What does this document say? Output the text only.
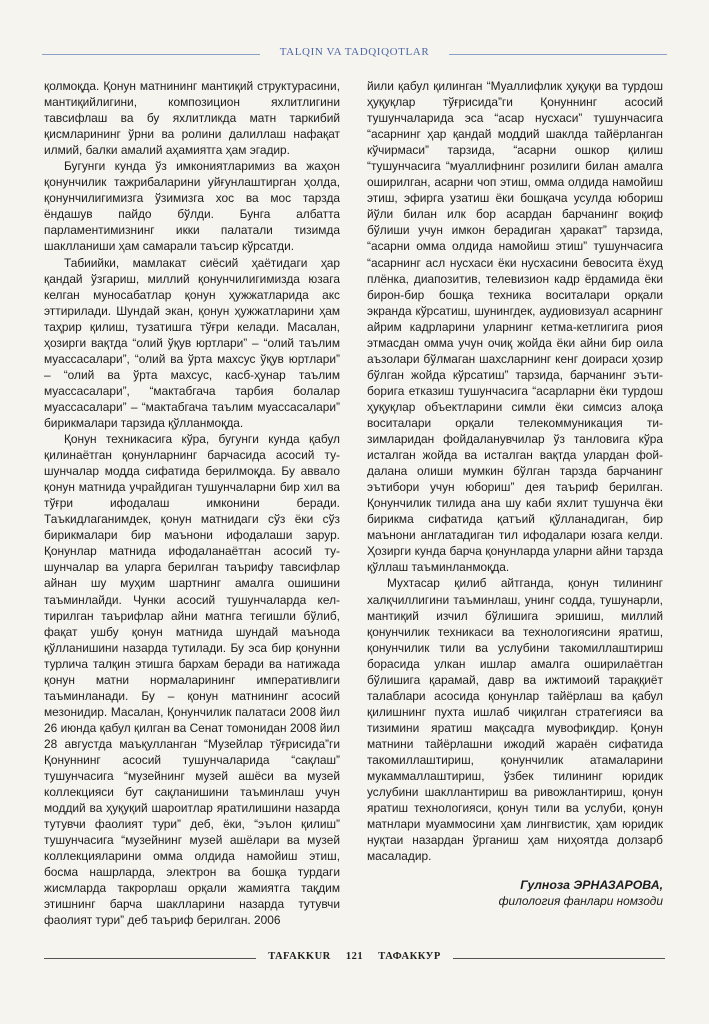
TALQIN VA TADQIQOTLAR

қолмоқда. Қонун матнининг мантиқий структурасини, мантиқийлигини, композицион яхлитлигини тавсифлаш ва бу яхлитликда матн таркибий қисмларининг ўрни ва ролини далиллаш нафақат илмий, балки амалий аҳамиятга ҳам эгадир.

Бугунги кунда ўз имкониятларимиз ва жаҳон қонунчилик тажрибаларини уйғунлаштирган ҳолда, қонунчилигимизга ўзимизга хос ва мос тарзда ёндашув пайдо бўлди. Бунга албатта парламентимизнинг икки палатали тизимда шаклланиши ҳам самарали таъсир кўрсатди.

Табиийки, мамлакат сиёсий ҳаётидаги ҳар қандай ўзгариш, миллий қонунчилигимизда юзага келган муносабатлар қонун ҳужжатларида акс эттирилади. Шундай экан, қонун ҳужжатларини ҳам таҳрир қилиш, тузатишга тўғри келади. Масалан, ҳозирги вақтда “олий ўқув юртлари” – “олий таълим муассасалари”, “олий ва ўрта махсус ўқув юртлари” – “олий ва ўрта махсус, касб-ҳунар таълим муассасалари”, “мактабгача тарбия болалар муассасалари” – “мактабгача таълим муассасалари” бирикмалари тарзида қўлланмоқда.

Қонун техникасига кўра, бугунги кунда қабул қилинаётган қонунларнинг барчасида асосий тушунчалар модда сифатида берилмоқда. Бу аввало қонун матнида учрайдиган тушунчаларни бир хил ва тўғри ифодалаш имконини беради. Таъкидлаганимдек, қонун матнидаги сўз ёки сўз бирикмалари бир маънони ифодалаши зарур. Қонунлар матнида ифодаланаётган асосий тушунчалар ва уларга берилган таърифу тавсифлар айнан шу муҳим шартнинг амалга ошишини таъминлайди. Чунки асосий тушунчаларда келтирилган таърифлар айни матнга тегишли бўлиб, фақат ушбу қонун матнида шундай маънода қўлланишини назарда тутилади. Бу эса бир қонунни турлича талқин этишга бархам беради ва натижада қонун матни нормаларининг императивлиги таъминланади. Бу – қонун матнининг асосий мезонидир. Масалан, Қонунчилик палатаси 2008 йил 26 июнда қабул қилган ва Сенат томонидан 2008 йил 28 августда маъқулланган “Музейлар тўғрисида”ги Қонуннинг асосий тушунчаларида “сақлаш” тушунчасига “музейнинг музей ашёси ва музей коллекцияси бут сақланишини таъминлаш учун моддий ва ҳуқуқий шароитлар яратилишини назарда тутувчи фаолият тури” деб, ёки, “эълон қилиш” тушунчасига “музейнинг музей ашёлари ва музей коллекцияларини омма олдида намойиш этиш, босма нашрларда, электрон ва бошқа турдаги жисмларда такрорлаш орқали жамиятга тақдим этишнинг барча шаклларини назарда тутувчи фаолият тури” деб таъриф берилган. 2006

йили қабул қилинган “Муаллифлик ҳуқуқи ва турдош ҳуқуқлар тўғрисида”ги Қонуннинг асосий тушунчаларида эса “асар нусхаси” тушунчасига “асарнинг ҳар қандай моддий шаклда тайёрланган кўчирмаси” тарзида, “асарни ошкор қилиш “тушунчасига “муаллифнинг розилиги билан амалга оширилган, асарни чоп этиш, омма олдида намойиш этиш, эфирга узатиш ёки бошқача усулда юбориш йўли билан илк бор асардан барчанинг воқиф бўлиши учун имкон берадиган ҳаракат” тарзида, “асарни омма олдида намойиш этиш” тушунчасига “асарнинг асл нусхаси ёки нусхасини бевосита ёхуд плёнка, диапозитив, телевизион кадр ёрдамида ёки бирон-бир бошқа техника воситалари орқали экранда кўрсатиш, шунингдек, аудиовизуал асарнинг айрим кадрларини уларнинг кетма-кетлигига риоя этмасдан омма учун очиқ жойда ёки айни бир оила аъзолари бўлмаган шахсларнинг кенг доираси ҳозир бўлган жойда кўрсатиш” тарзида, барчанинг эътиборига етказиш тушунчасига “асарларни ёки турдош ҳуқуқлар объектларини симли ёки симсиз алоқа воситалари орқали телекоммуникация тизимларидан фойдаланувчилар ўз танловига кўра исталган жойда ва исталган вақтда улардан фойдалана олиши мумкин бўлган тарзда барчанинг эътибори учун юбориш” дея таъриф берилган. Қонунчилик тилида ана шу каби яхлит тушунча ёки бирикма сифатида қатъий қўлланадиган, бир маънони англатадиган тил ифодалари юзага келди. Ҳозирги кунда барча қонунларда уларни айни тарзда қўллаш таъминланмоқда.

Мухтасар қилиб айтганда, қонун тилининг халқчиллигини таъминлаш, унинг содда, тушунарли, мантиқий изчил бўлишига эришиш, миллий қонунчилик техникаси ва технологиясини яратиш, қонунчилик тили ва услубини такомиллаштириш борасида улкан ишлар амалга оширилаётган бўлишига қарамай, давр ва ижтимоий тараққиёт талаблари асосида қонунлар тайёрлаш ва қабул қилишнинг пухта ишлаб чиқилган стратегияси ва тизимини яратиш мақсадга мувофиқдир. Қонун матнини тайёрлашни ижодий жараён сифатида такомиллаштириш, қонунчилик атамаларини мукаммаллаштириш, ўзбек тилининг юридик услубини шакллантириш ва ривожлантириш, қонун яратиш технологияси, қонун тили ва услуби, қонун матнлари муаммосини ҳам лингвистик, ҳам юридик нуқтаи назардан ўрганиш ҳам ниҳоятда долзарб масаладир.

Гулноза ЭРНАЗАРОВА,
филология фанлари номзоди
TAFAKKUR 121 ТАФАККУР
